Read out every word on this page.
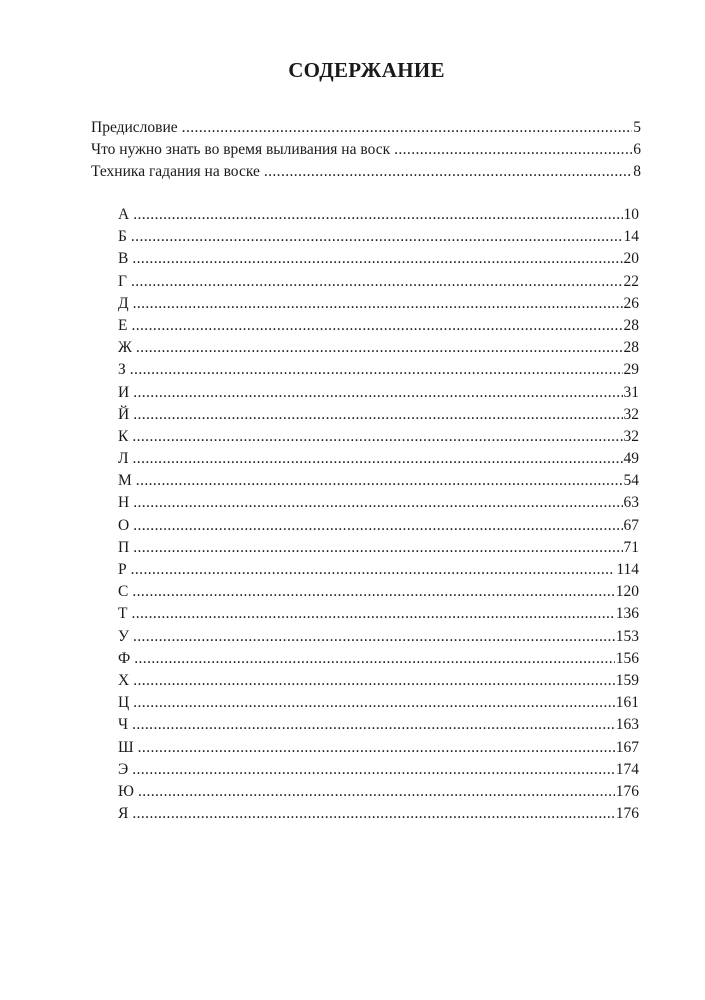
СОДЕРЖАНИЕ
Предисловие .....	5
Что нужно знать во время выливания на воск .....	6
Техника гадания на воске .....	8
А .....	10
Б .....	14
В .....	20
Г .....	22
Д .....	26
Е .....	28
Ж .....	28
З .....	29
И .....	31
Й .....	32
К .....	32
Л .....	49
М .....	54
Н .....	63
О .....	67
П .....	71
Р .....	114
С .....	120
Т .....	136
У .....	153
Ф .....	156
Х .....	159
Ц .....	161
Ч .....	163
Ш .....	167
Э .....	174
Ю .....	176
Я .....	176
